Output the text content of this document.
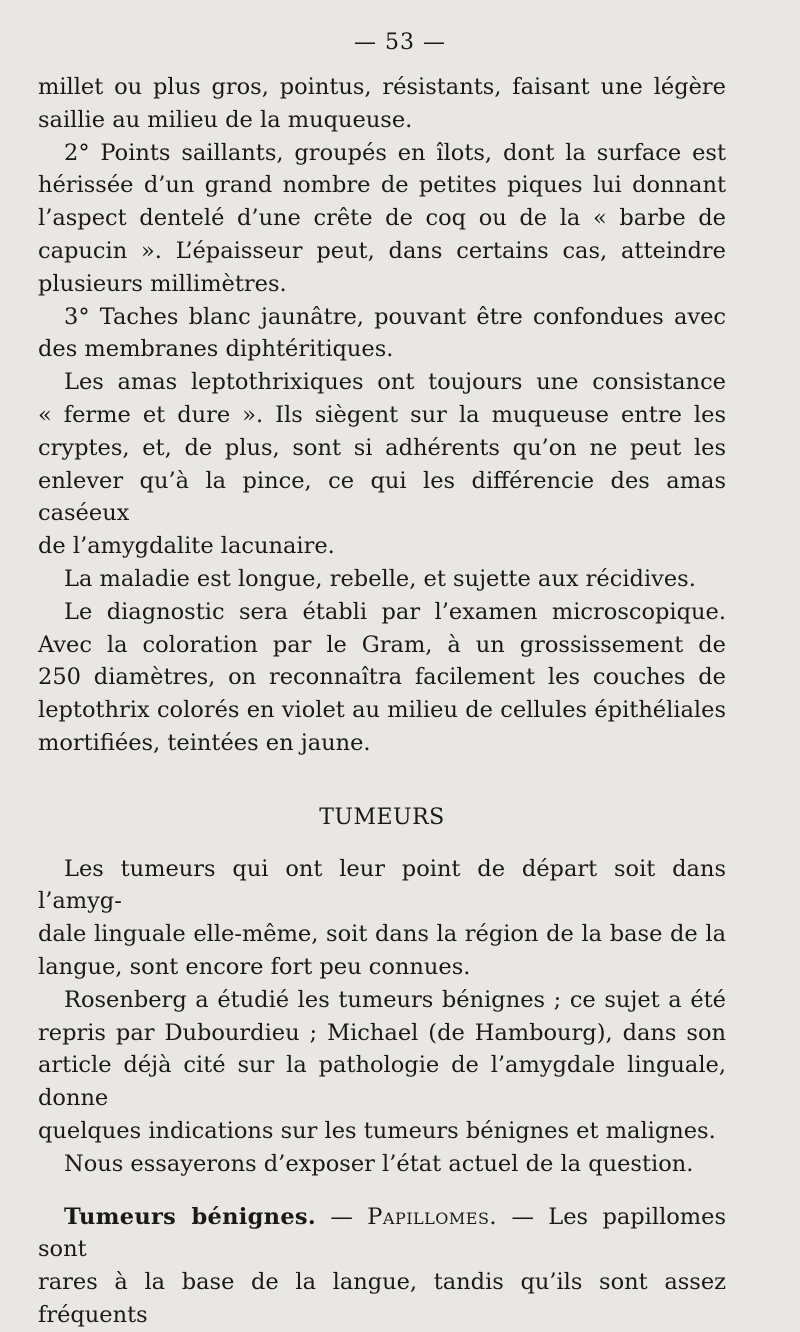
— 53 —

millet ou plus gros, pointus, résistants, faisant une légère

saillie au milieu de la muqueuse.

2° Points saillants, groupés en îlots, dont la surface est

hérissée d’un grand nombre de petites piques lui donnant

l’aspect dentelé d’une crête de coq ou de la « barbe de

capucin ». L’épaisseur peut, dans certains cas, atteindre

plusieurs millimètres.

3° Taches blanc jaunâtre, pouvant être confondues avec

des membranes diphtéritiques.

Les amas leptothrixiques ont toujours une consistance

« ferme et dure ». Ils siègent sur la muqueuse entre les

cryptes, et, de plus, sont si adhérents qu’on ne peut les

enlever qu’à la pince, ce qui les différencie des amas caséeux

de l’amygdalite lacunaire.

La maladie est longue, rebelle, et sujette aux récidives.

Le diagnostic sera établi par l’examen microscopique.

Avec la coloration par le Gram, à un grossissement de

250 diamètres, on reconnaîtra facilement les couches de

leptothrix colorés en violet au milieu de cellules épithéliales

mortifiées, teintées en jaune.

TUMEURS

Les tumeurs qui ont leur point de départ soit dans l’amyg-

dale linguale elle-même, soit dans la région de la base de la

langue, sont encore fort peu connues.

Rosenberg a étudié les tumeurs bénignes ; ce sujet a été

repris par Dubourdieu ; Michael (de Hambourg), dans son

article déjà cité sur la pathologie de l’amygdale linguale, donne

quelques indications sur les tumeurs bénignes et malignes.

Nous essayerons d’exposer l’état actuel de la question.

Tumeurs bénignes. — Papillomes. — Les papillomes sont

rares à la base de la langue, tandis qu’ils sont assez fréquents
